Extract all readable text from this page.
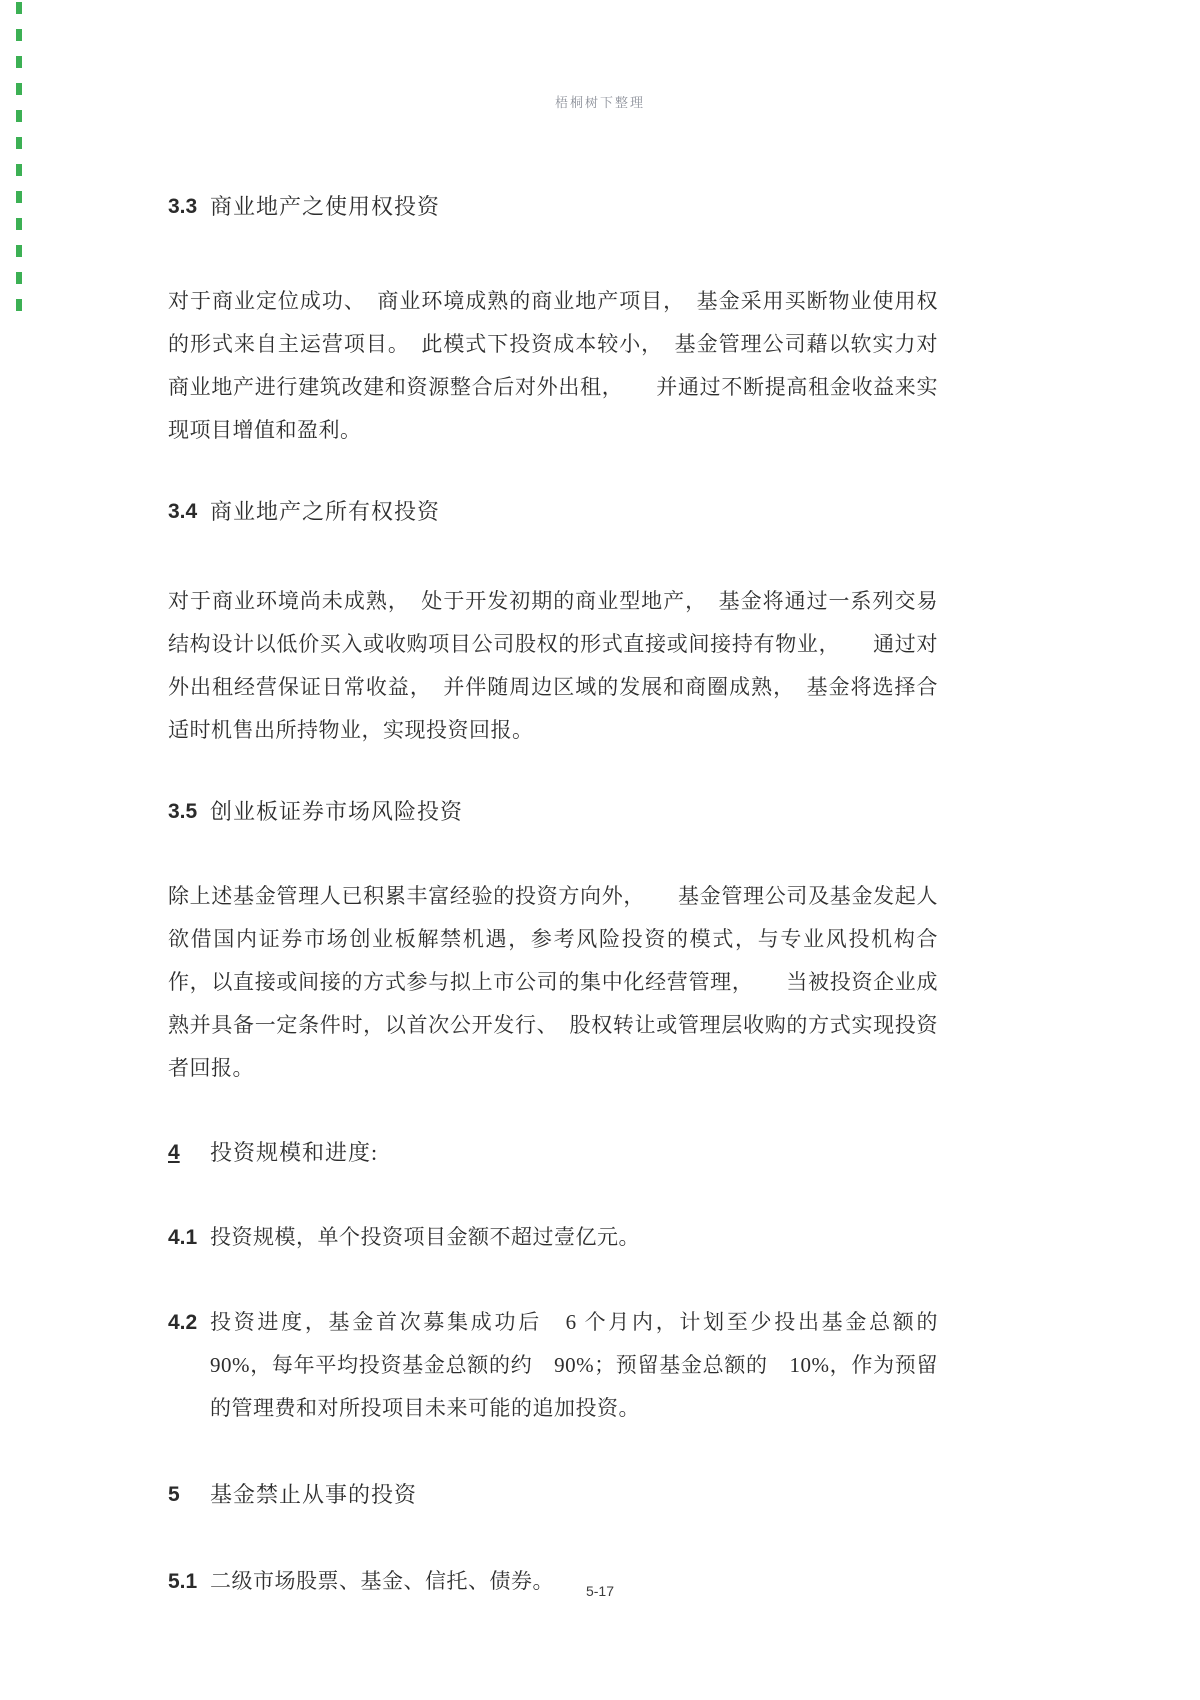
梧桐树下整理
3.3 商业地产之使用权投资

对于商业定位成功、　商业环境成熟的商业地产项目，　基金采用买断物业使用权的形式来自主运营项目。　此模式下投资成本较小，　基金管理公司藉以软实力对商业地产进行建筑改建和资源整合后对外出租，　　并通过不断提高租金收益来实现项目增值和盈利。

3.4 商业地产之所有权投资

对于商业环境尚未成熟，　处于开发初期的商业型地产，　基金将通过一系列交易结构设计以低价买入或收购项目公司股权的形式直接或间接持有物业，　　通过对外出租经营保证日常收益，　并伴随周边区域的发展和商圈成熟，　基金将选择合适时机售出所持物业，实现投资回报。

3.5 创业板证券市场风险投资

除上述基金管理人已积累丰富经验的投资方向外，　　基金管理公司及基金发起人欲借国内证券市场创业板解禁机遇，参考风险投资的模式，与专业风投机构合作，以直接或间接的方式参与拟上市公司的集中化经营管理，　　当被投资企业成熟并具备一定条件时，以首次公开发行、　股权转让或管理层收购的方式实现投资者回报。

4	投资规模和进度:
4.1 投资规模，单个投资项目金额不超过壹亿元。
4.2 投资进度，基金首次募集成功后　6 个月内，计划至少投出基金总额的　90%，每年平均投资基金总额的约　90%；预留基金总额的　10%，作为预留的管理费和对所投项目未来可能的追加投资。
5	基金禁止从事的投资
5.1 二级市场股票、基金、信托、债券。	5-17
